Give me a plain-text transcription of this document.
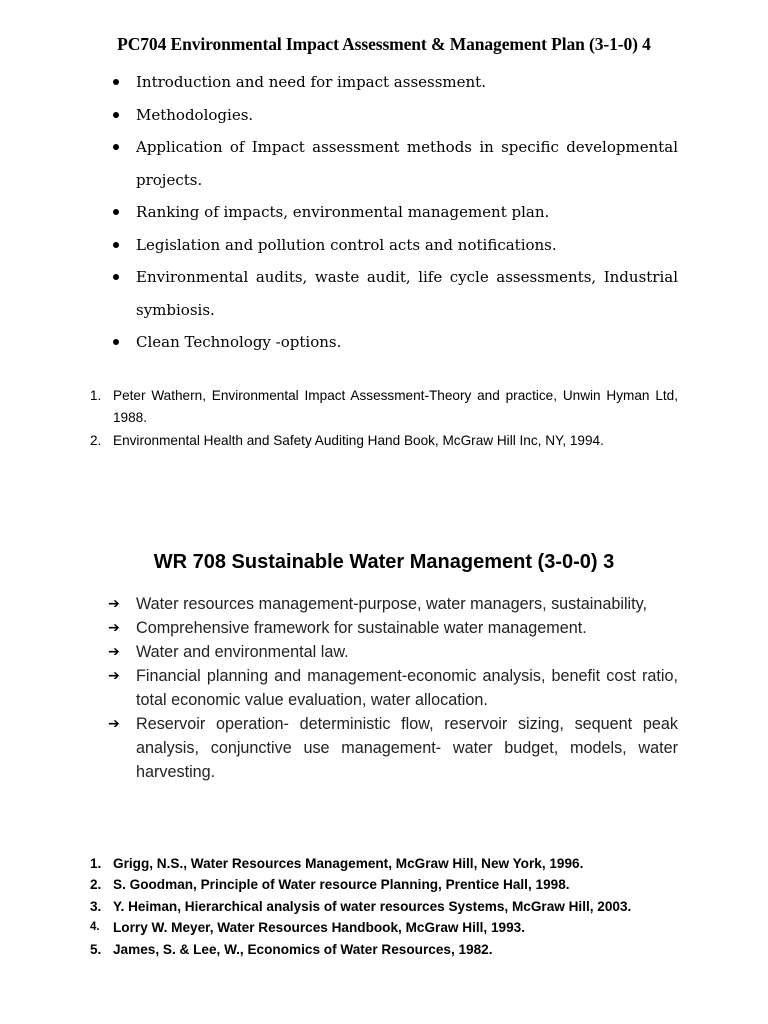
PC704 Environmental Impact Assessment & Management Plan (3-1-0) 4
Introduction and need for impact assessment.
Methodologies.
Application of Impact assessment methods in specific developmental projects.
Ranking of impacts, environmental management plan.
Legislation and pollution control acts and notifications.
Environmental audits, waste audit, life cycle assessments, Industrial symbiosis.
Clean Technology -options.
1. Peter Wathern, Environmental Impact Assessment-Theory and practice, Unwin Hyman Ltd, 1988.
2. Environmental Health and Safety Auditing Hand Book, McGraw Hill Inc, NY, 1994.
WR 708 Sustainable Water Management (3-0-0) 3
➔ Water resources management-purpose, water managers, sustainability,
➔ Comprehensive framework for sustainable water management.
➔ Water and environmental law.
➔ Financial planning and management-economic analysis, benefit cost ratio, total economic value evaluation, water allocation.
➔ Reservoir operation- deterministic flow, reservoir sizing, sequent peak analysis, conjunctive use management- water budget, models, water harvesting.
1. Grigg, N.S., Water Resources Management, McGraw Hill, New York, 1996.
2. S. Goodman, Principle of Water resource Planning, Prentice Hall, 1998.
3. Y. Heiman, Hierarchical analysis of water resources Systems, McGraw Hill, 2003.
4. Lorry W. Meyer, Water Resources Handbook, McGraw Hill, 1993.
5. James, S. & Lee, W., Economics of Water Resources, 1982.
